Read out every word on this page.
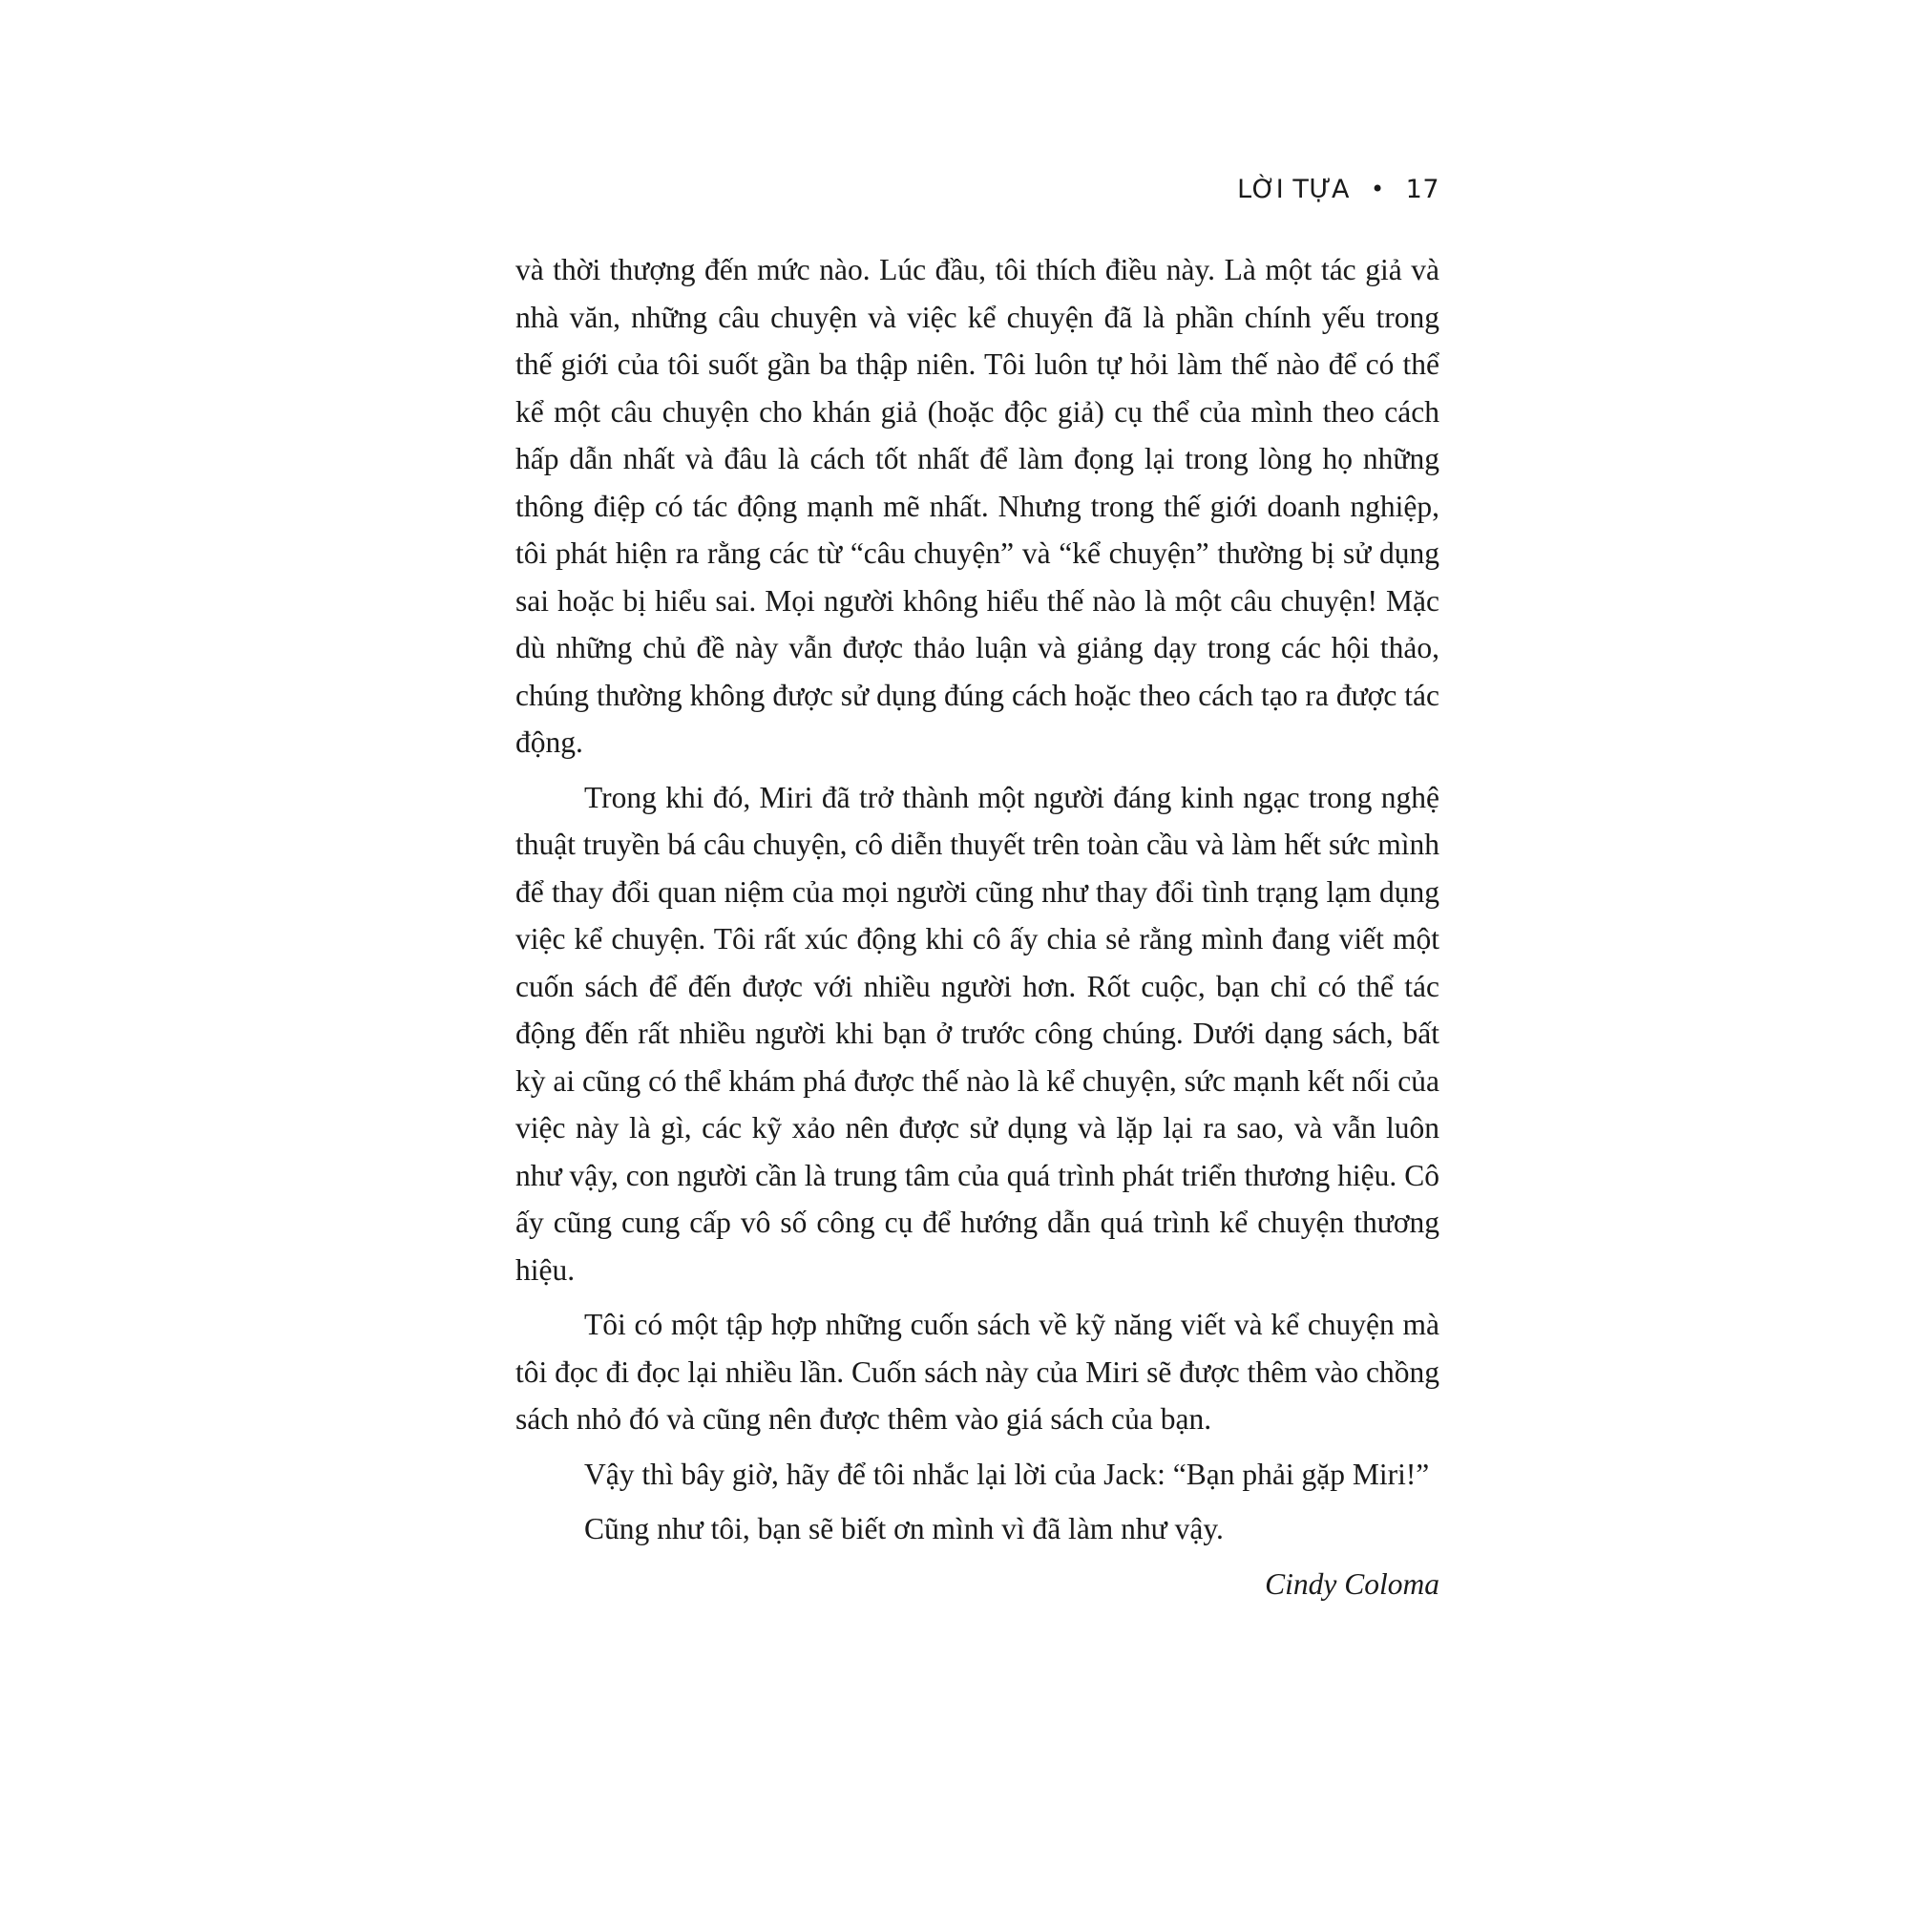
LỜI TỰA • 17

và thời thượng đến mức nào. Lúc đầu, tôi thích điều này. Là một tác giả và nhà văn, những câu chuyện và việc kể chuyện đã là phần chính yếu trong thế giới của tôi suốt gần ba thập niên. Tôi luôn tự hỏi làm thế nào để có thể kể một câu chuyện cho khán giả (hoặc độc giả) cụ thể của mình theo cách hấp dẫn nhất và đâu là cách tốt nhất để làm đọng lại trong lòng họ những thông điệp có tác động mạnh mẽ nhất. Nhưng trong thế giới doanh nghiệp, tôi phát hiện ra rằng các từ “câu chuyện” và “kể chuyện” thường bị sử dụng sai hoặc bị hiểu sai. Mọi người không hiểu thế nào là một câu chuyện! Mặc dù những chủ đề này vẫn được thảo luận và giảng dạy trong các hội thảo, chúng thường không được sử dụng đúng cách hoặc theo cách tạo ra được tác động.

Trong khi đó, Miri đã trở thành một người đáng kinh ngạc trong nghệ thuật truyền bá câu chuyện, cô diễn thuyết trên toàn cầu và làm hết sức mình để thay đổi quan niệm của mọi người cũng như thay đổi tình trạng lạm dụng việc kể chuyện. Tôi rất xúc động khi cô ấy chia sẻ rằng mình đang viết một cuốn sách để đến được với nhiều người hơn. Rốt cuộc, bạn chỉ có thể tác động đến rất nhiều người khi bạn ở trước công chúng. Dưới dạng sách, bất kỳ ai cũng có thể khám phá được thế nào là kể chuyện, sức mạnh kết nối của việc này là gì, các kỹ xảo nên được sử dụng và lặp lại ra sao, và vẫn luôn như vậy, con người cần là trung tâm của quá trình phát triển thương hiệu. Cô ấy cũng cung cấp vô số công cụ để hướng dẫn quá trình kể chuyện thương hiệu.

Tôi có một tập hợp những cuốn sách về kỹ năng viết và kể chuyện mà tôi đọc đi đọc lại nhiều lần. Cuốn sách này của Miri sẽ được thêm vào chồng sách nhỏ đó và cũng nên được thêm vào giá sách của bạn.

Vậy thì bây giờ, hãy để tôi nhắc lại lời của Jack: “Bạn phải gặp Miri!”

Cũng như tôi, bạn sẽ biết ơn mình vì đã làm như vậy.

Cindy Coloma
